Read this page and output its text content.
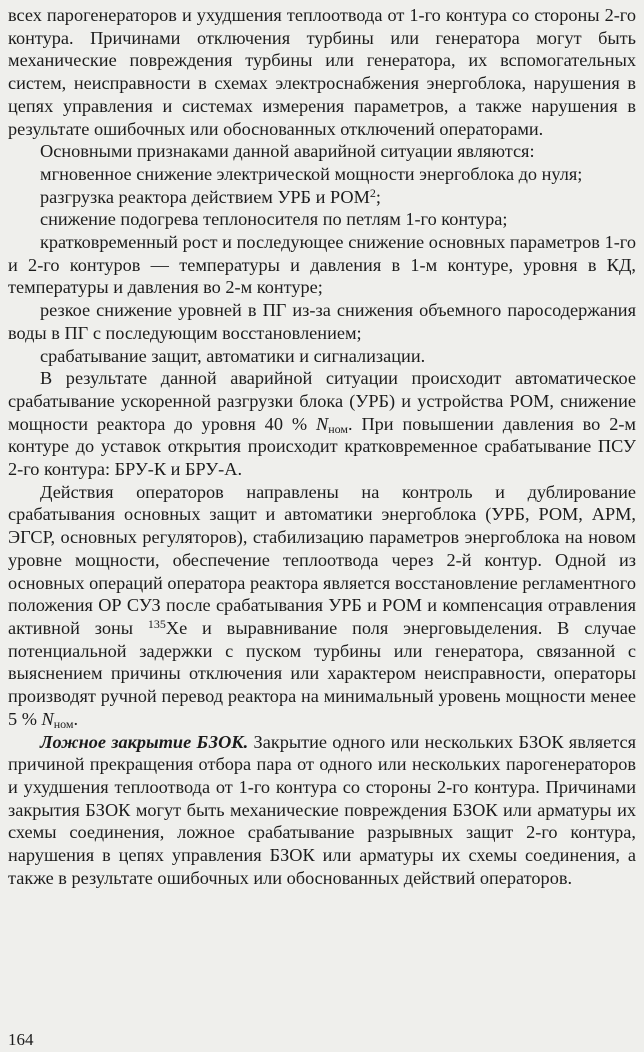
всех парогенераторов и ухудшения теплоотвода от 1-го контура со стороны 2-го контура. Причинами отключения турбины или генератора могут быть механические повреждения турбины или генератора, их вспомогательных систем, неисправности в схемах электроснабжения энергоблока, нарушения в цепях управления и системах измерения параметров, а также нарушения в результате ошибочных или обоснованных отключений операторами.

Основными признаками данной аварийной ситуации являются:

мгновенное снижение электрической мощности энергоблока до нуля;

разгрузка реактора действием УРБ и РОМ$^2$;

снижение подогрева теплоносителя по петлям 1-го контура;

кратковременный рост и последующее снижение основных параметров 1-го и 2-го контуров — температуры и давления в 1-м контуре, уровня в КД, температуры и давления во 2-м контуре;

резкое снижение уровней в ПГ из-за снижения объемного паросодержания воды в ПГ с последующим восстановлением;

срабатывание защит, автоматики и сигнализации.

В результате данной аварийной ситуации происходит автоматическое срабатывание ускоренной разгрузки блока (УРБ) и устройства РОМ, снижение мощности реактора до уровня 40 % $N_{ном}$. При повышении давления во 2-м контуре до уставок открытия происходит кратковременное срабатывание ПСУ 2-го контура: БРУ-К и БРУ-А.

Действия операторов направлены на контроль и дублирование срабатывания основных защит и автоматики энергоблока (УРБ, РОМ, АРМ, ЭГСР, основных регуляторов), стабилизацию параметров энергоблока на новом уровне мощности, обеспечение теплоотвода через 2-й контур. Одной из основных операций оператора реактора является восстановление регламентного положения ОР СУЗ после срабатывания УРБ и РОМ и компенсация отравления активной зоны $^{135}$Xe и выравнивание поля энерговыделения. В случае потенциальной задержки с пуском турбины или генератора, связанной с выяснением причины отключения или характером неисправности, операторы производят ручной перевод реактора на минимальный уровень мощности менее 5 % $N_{ном}$.

Ложное закрытие БЗОК. Закрытие одного или нескольких БЗОК является причиной прекращения отбора пара от одного или нескольких парогенераторов и ухудшения теплоотвода от 1-го контура со стороны 2-го контура. Причинами закрытия БЗОК могут быть механические повреждения БЗОК или арматуры их схемы соединения, ложное срабатывание разрывных защит 2-го контура, нарушения в цепях управления БЗОК или арматуры их схемы соединения, а также в результате ошибочных или обоснованных действий операторов.

164
